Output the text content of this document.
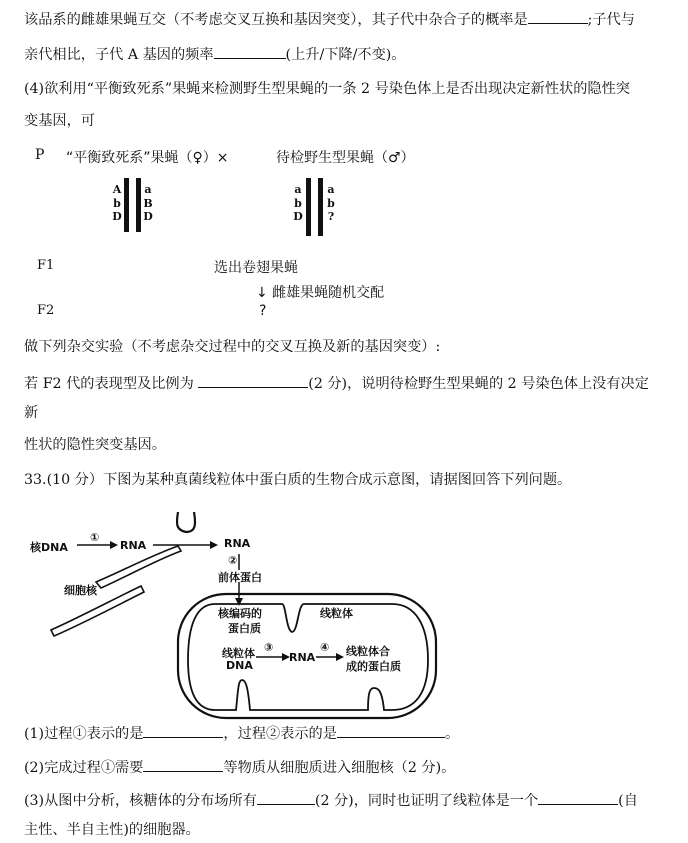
该品系的雌雄果蝇互交（不考虑交叉互换和基因突变），其子代中杂合子的概率是	;子代与
亲代相比，子代 A 基因的频率	(上升/下降/不变)。
(4)欲利用“平衡致死系”果蝇来检测野生型果蝇的一条 2 号染色体上是否出现决定新性状的隐性突
变基因，可
P “平衡致死系”果蝇（♀）×	待检野生型果蝇（♂）
A
b
D
a
B
D
a
b
D
a
b
?
F1	选出卷翅果蝇
↓ 雌雄果蝇随机交配
F2	?
做下列杂交实验（不考虑杂交过程中的交叉互换及新的基因突变）:
若 F2 代的表现型及比例为	(2 分)，说明待检野生型果蝇的 2 号染色体上没有决定
新
性状的隐性突变基因。
33.(10 分）下图为某种真菌线粒体中蛋白质的生物合成示意图，请据图回答下列问题。
核DNA
①
RNA	RNA
②
前体蛋白
细胞核
核编码的
蛋白质
线粒体
线粒体
DNA
③
RNA
④ 线粒体合
成的蛋白质
(1)过程①表示的是	，过程②表示的是	。
(2)完成过程①需要	等物质从细胞质进入细胞核（2 分)。
(3)从图中分析，核糖体的分布场所有	(2 分)，同时也证明了线粒体是一个	(自
主性、半自主性)的细胞器。
